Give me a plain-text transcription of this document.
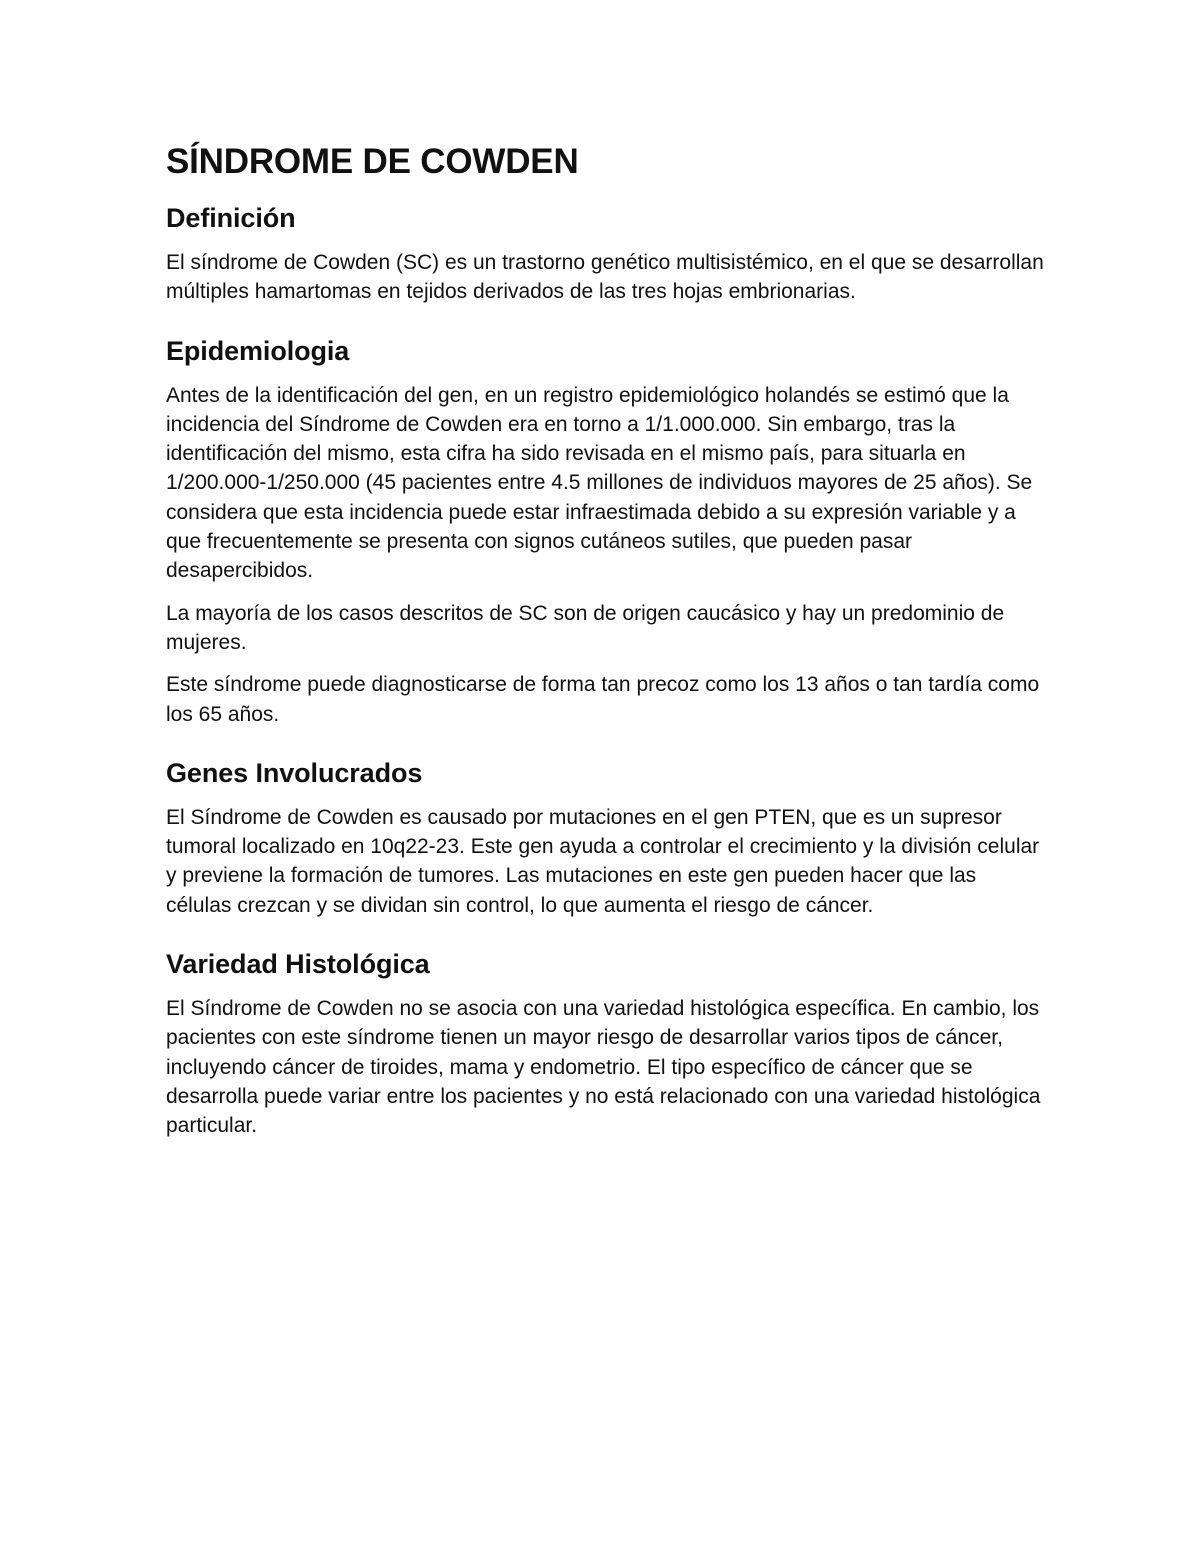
SÍNDROME DE COWDEN
Definición

El síndrome de Cowden (SC) es un trastorno genético multisistémico, en el que se desarrollan múltiples hamartomas en tejidos derivados de las tres hojas embrionarias.

Epidemiologia

Antes de la identificación del gen, en un registro epidemiológico holandés se estimó que la incidencia del Síndrome de Cowden era en torno a 1/1.000.000. Sin embargo, tras la identificación del mismo, esta cifra ha sido revisada en el mismo país, para situarla en 1/200.000-1/250.000 (45 pacientes entre 4.5 millones de individuos mayores de 25 años). Se considera que esta incidencia puede estar infraestimada debido a su expresión variable y a que frecuentemente se presenta con signos cutáneos sutiles, que pueden pasar desapercibidos.

La mayoría de los casos descritos de SC son de origen caucásico y hay un predominio de mujeres.

Este síndrome puede diagnosticarse de forma tan precoz como los 13 años o tan tardía como los 65 años.

Genes Involucrados

El Síndrome de Cowden es causado por mutaciones en el gen PTEN, que es un supresor tumoral localizado en 10q22-23. Este gen ayuda a controlar el crecimiento y la división celular y previene la formación de tumores. Las mutaciones en este gen pueden hacer que las células crezcan y se dividan sin control, lo que aumenta el riesgo de cáncer.

Variedad Histológica

El Síndrome de Cowden no se asocia con una variedad histológica específica. En cambio, los pacientes con este síndrome tienen un mayor riesgo de desarrollar varios tipos de cáncer, incluyendo cáncer de tiroides, mama y endometrio. El tipo específico de cáncer que se desarrolla puede variar entre los pacientes y no está relacionado con una variedad histológica particular.
